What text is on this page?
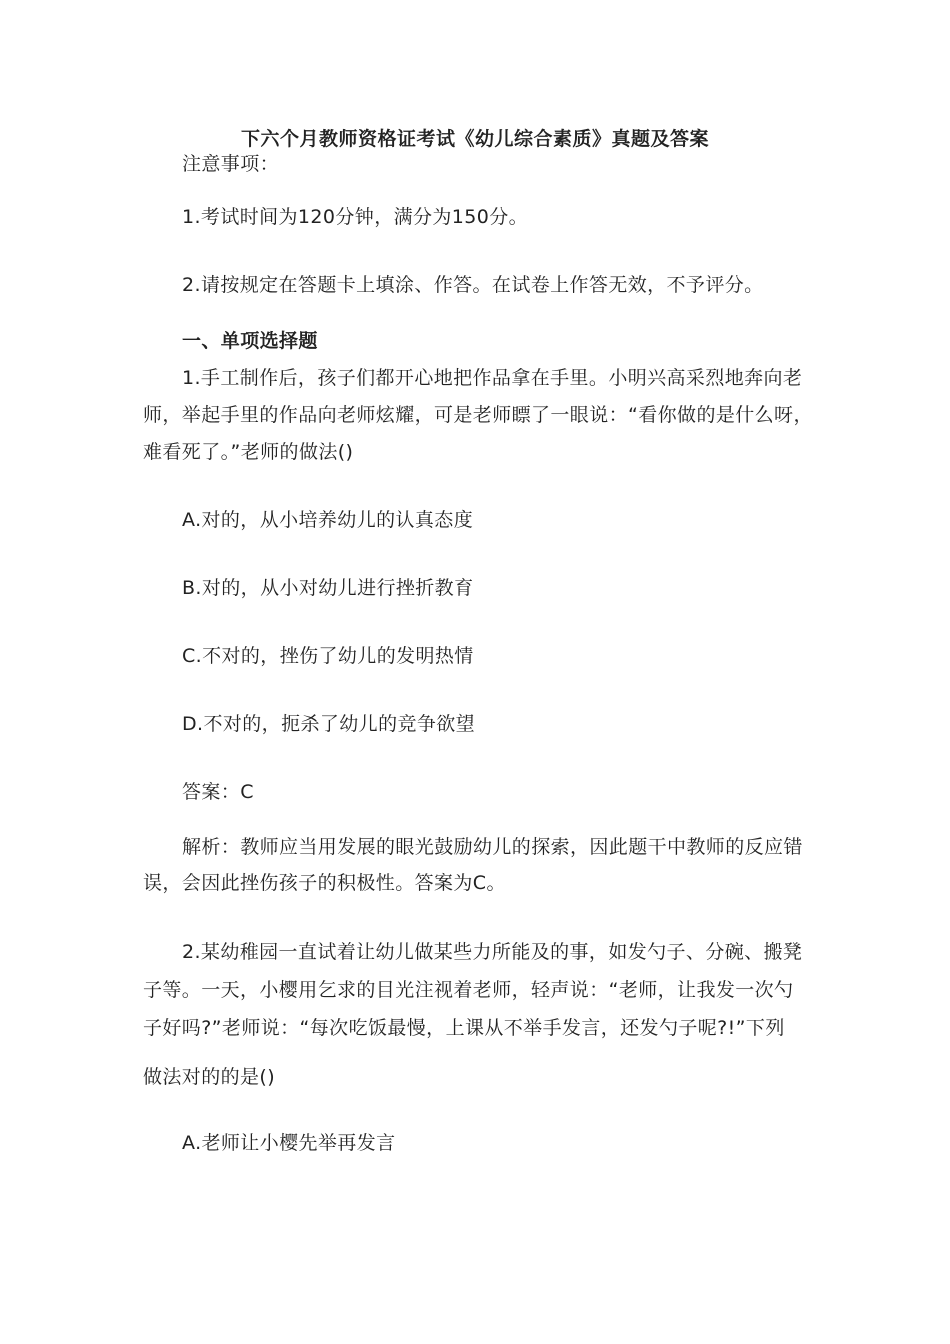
下六个月教师资格证考试《幼儿综合素质》真题及答案
注意事项：
1.考试时间为120分钟，满分为150分。
2.请按规定在答题卡上填涂、作答。在试卷上作答无效，不予评分。
一、单项选择题
1.手工制作后，孩子们都开心地把作品拿在手里。小明兴高采烈地奔向老
师，举起手里的作品向老师炫耀，可是老师瞟了一眼说：“看你做的是什么呀，
难看死了。”老师的做法()
A.对的，从小培养幼儿的认真态度
B.对的，从小对幼儿进行挫折教育
C.不对的，挫伤了幼儿的发明热情
D.不对的，扼杀了幼儿的竞争欲望
答案：C
解析：教师应当用发展的眼光鼓励幼儿的探索，因此题干中教师的反应错
误，会因此挫伤孩子的积极性。答案为C。
2.某幼稚园一直试着让幼儿做某些力所能及的事，如发勺子、分碗、搬凳
子等。一天，小樱用乞求的目光注视着老师，轻声说：“老师，让我发一次勺
子好吗?”老师说：“每次吃饭最慢，上课从不举手发言，还发勺子呢?!”下列
做法对的的是()
A.老师让小樱先举再发言
